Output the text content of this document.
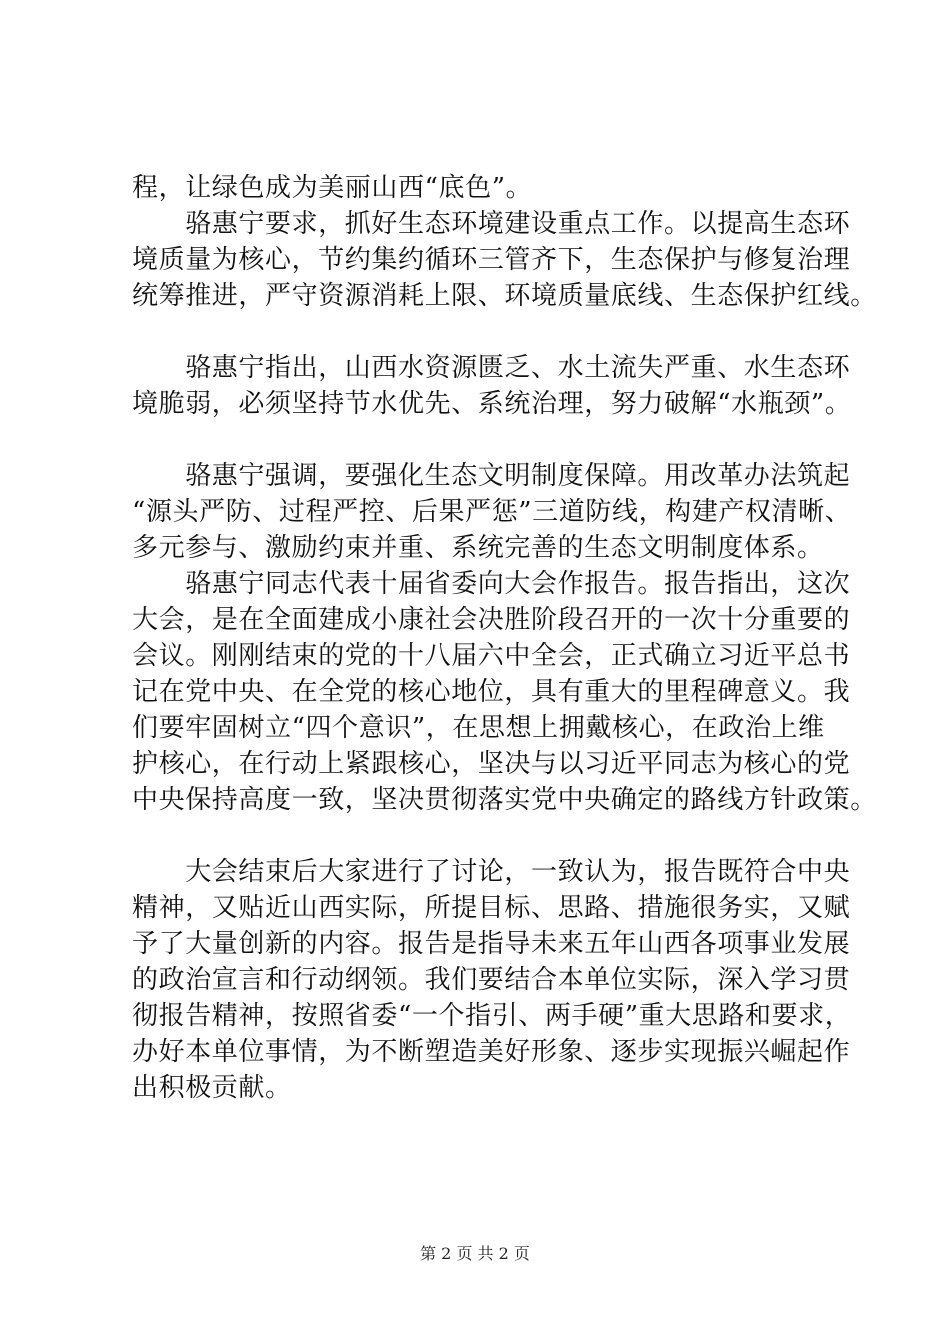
程，让绿色成为美丽山西“底色”。
　　骆惠宁要求，抓好生态环境建设重点工作。以提高生态环
境质量为核心，节约集约循环三管齐下，生态保护与修复治理
统筹推进，严守资源消耗上限、环境质量底线、生态保护红线。
　　骆惠宁指出，山西水资源匮乏、水土流失严重、水生态环
境脆弱，必须坚持节水优先、系统治理，努力破解“水瓶颈”。
　　骆惠宁强调，要强化生态文明制度保障。用改革办法筑起
“源头严防、过程严控、后果严惩”三道防线，构建产权清晰、
多元参与、激励约束并重、系统完善的生态文明制度体系。
　　骆惠宁同志代表十届省委向大会作报告。报告指出，这次
大会，是在全面建成小康社会决胜阶段召开的一次十分重要的
会议。刚刚结束的党的十八届六中全会，正式确立习近平总书
记在党中央、在全党的核心地位，具有重大的里程碑意义。我
们要牢固树立“四个意识”，在思想上拥戴核心，在政治上维
护核心，在行动上紧跟核心，坚决与以习近平同志为核心的党
中央保持高度一致，坚决贯彻落实党中央确定的路线方针政策。
　　大会结束后大家进行了讨论，一致认为，报告既符合中央
精神，又贴近山西实际，所提目标、思路、措施很务实，又赋
予了大量创新的内容。报告是指导未来五年山西各项事业发展
的政治宣言和行动纲领。我们要结合本单位实际，深入学习贯
彻报告精神，按照省委“一个指引、两手硬”重大思路和要求，
办好本单位事情，为不断塑造美好形象、逐步实现振兴崛起作
出积极贡献。
第 2 页 共 2 页
